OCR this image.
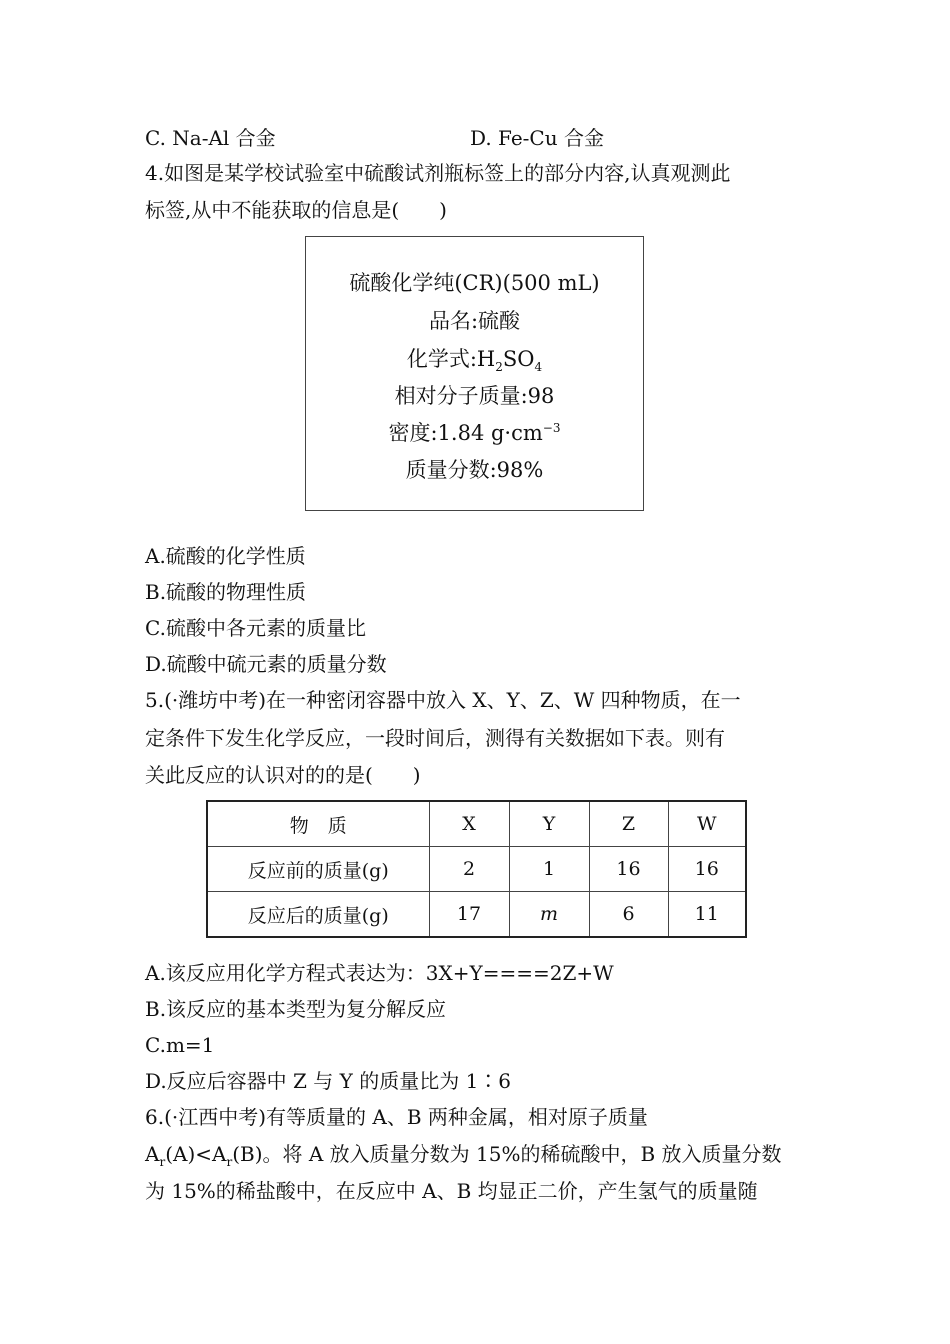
C. Na-Al 合金	D. Fe-Cu 合金
4.如图是某学校试验室中硫酸试剂瓶标签上的部分内容,认真观测此
标签,从中不能获取的信息是(　　)
硫酸化学纯(CR)(500 mL)
品名:硫酸
化学式$:H_2SO_4$
相对分子质量:98
密度:1.84 $g\cdot cm^{-3}$
质量分数:98%
A.硫酸的化学性质
B.硫酸的物理性质
C.硫酸中各元素的质量比
D.硫酸中硫元素的质量分数
5.(·潍坊中考)在一种密闭容器中放入 X、Y、Z、W 四种物质，在一
定条件下发生化学反应，一段时间后，测得有关数据如下表。则有
关此反应的认识对的的是(　　)
物　质	X	Y	Z	W
反应前的质量(g)	2	1	16	16
反应后的质量(g)	17	m	6	11
A.该反应用化学方程式表达为：3X+Y====2Z+W
B.该反应的基本类型为复分解反应
C.m=1
D.反应后容器中 Z 与 Y 的质量比为 1∶6
6.(·江西中考)有等质量的 A、B 两种金属，相对原子质量
$A_r(A)<A_r(B)$。将 A 放入质量分数为 15%的稀硫酸中，B 放入质量分数
为 15%的稀盐酸中，在反应中 A、B 均显正二价，产生氢气的质量随
